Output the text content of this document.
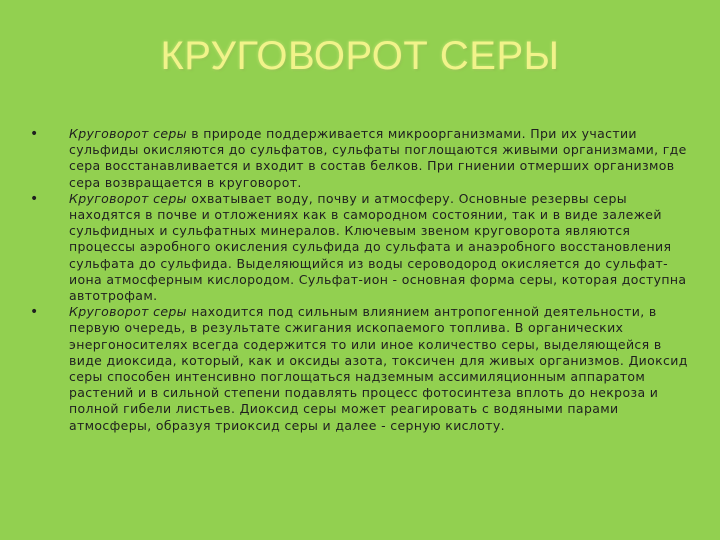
КРУГОВОРОТ СЕРЫ
• Круговорот серы в природе поддерживается микроорганизмами. При их участии сульфиды окисляются до сульфатов, сульфаты поглощаются живыми организмами, где сера восстанавливается и входит в состав белков. При гниении отмерших организмов сера возвращается в круговорот.
• Круговорот серы охватывает воду, почву и атмосферу. Основные резервы серы находятся в почве и отложениях как в самородном состоянии, так и в виде залежей сульфидных и сульфатных минералов. Ключевым звеном круговорота являются процессы аэробного окисления сульфида до сульфата и анаэробного восстановления сульфата до сульфида. Выделяющийся из воды сероводород окисляется до сульфат-иона атмосферным кислородом. Сульфат-ион - основная форма серы, которая доступна автотрофам.
• Круговорот серы находится под сильным влиянием антропогенной деятельности, в первую очередь, в результате сжигания ископаемого топлива. В органических энергоносителях всегда содержится то или иное количество серы, выделяющейся в виде диоксида, который, как и оксиды азота, токсичен для живых организмов. Диоксид серы способен интенсивно поглощаться надземным ассимиляционным аппаратом растений и в сильной степени подавлять процесс фотосинтеза вплоть до некроза и полной гибели листьев. Диоксид серы может реагировать с водяными парами атмосферы, образуя триоксид серы и далее - серную кислоту.
